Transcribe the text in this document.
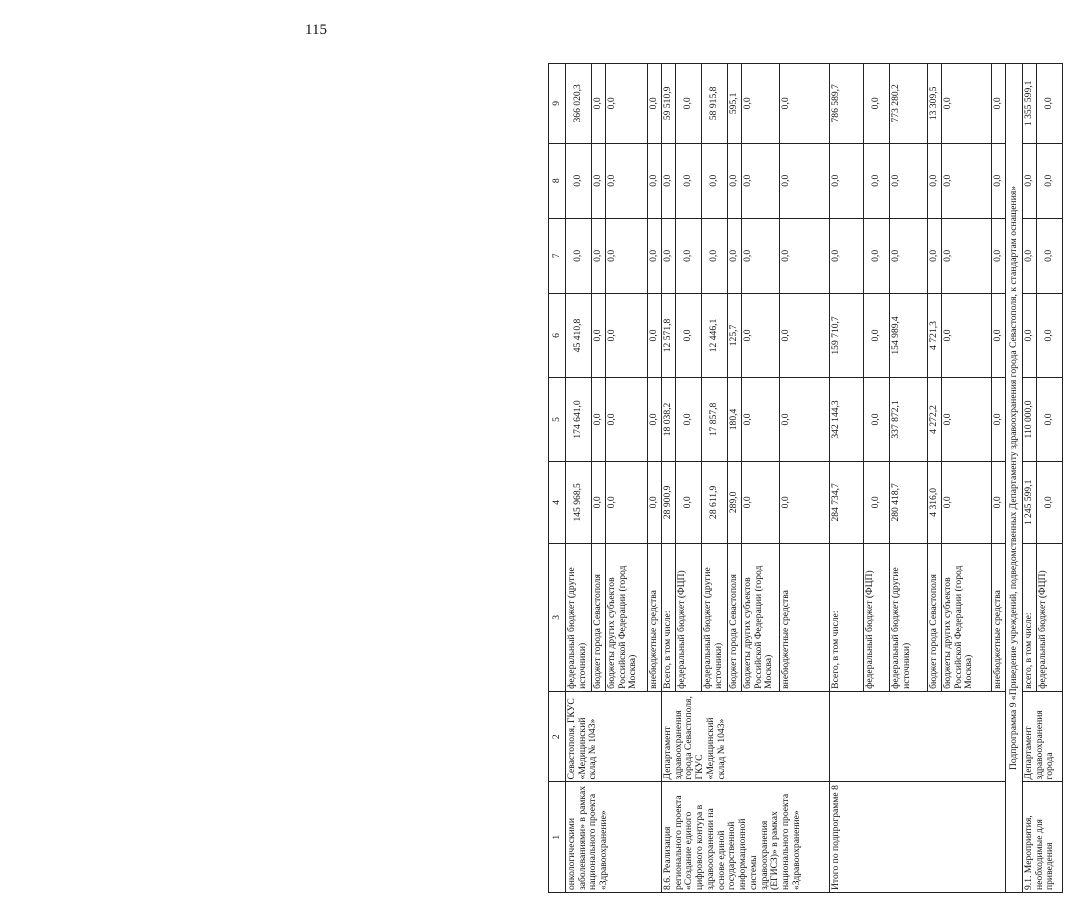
115
1	2	3	4	5	6	7	8	9
онкологическими заболеваниями» в рамках национального проекта «Здравоохранение»	Севастополя, ГКУС «Медицинский склад № 1043»	федеральный бюджет (другие источники)	145 968,5	174 641,0	45 410,8	0,0	0,0	366 020,3
		бюджет города Севастополя	0,0	0,0	0,0	0,0	0,0	0,0
		бюджеты других субъектов Российской Федерации (город Москва)	0,0	0,0	0,0	0,0	0,0	0,0
		внебюджетные средства	0,0	0,0	0,0	0,0	0,0	0,0
8.6. Реализация регионального проекта «Создание единого цифрового контура в здравоохранении на основе единой государственной информационной системы здравоохранения (ЕГИСЗ)» в рамках национального проекта «Здравоохранение»	Департамент здравоохранения города Севастополя, ГКУС «Медицинский склад № 1043»	Всего, в том числе:	28 900,9	18 038,2	12 571,8	0,0	0,0	59 510,9
		федеральный бюджет (ФЦП)	0,0	0,0	0,0	0,0	0,0	0,0
		федеральный бюджет (другие источники)	28 611,9	17 857,8	12 446,1	0,0	0,0	58 915,8
		бюджет города Севастополя	289,0	180,4	125,7	0,0	0,0	595,1
		бюджеты других субъектов Российской Федерации (город Москва)	0,0	0,0	0,0	0,0	0,0	0,0
		внебюджетные средства	0,0	0,0	0,0	0,0	0,0	0,0
Итого по подпрограмме 8		Всего, в том числе:	284 734,7	342 144,3	159 710,7	0,0	0,0	786 589,7
		федеральный бюджет (ФЦП)	0,0	0,0	0,0	0,0	0,0	0,0
		федеральный бюджет (другие источники)	280 418,7	337 872,1	154 989,4	0,0	0,0	773 280,2
		бюджет города Севастополя	4 316,0	4 272,2	4 721,3	0,0	0,0	13 309,5
		бюджеты других субъектов Российской Федерации (город Москва)	0,0	0,0	0,0	0,0	0,0	0,0
		внебюджетные средства	0,0	0,0	0,0	0,0	0,0	0,0
Подпрограмма 9 «Приведение учреждений, подведомственных Департаменту здравоохранения города Севастополя, к стандартам оснащения»								
9.1. Мероприятия, необходимые для приведения	Департамент здравоохранения города	всего, в том числе:	1 245 599,1	110 000,0	0,0	0,0	0,0	1 355 599,1
		федеральный бюджет (ФЦП)	0,0	0,0	0,0	0,0	0,0	0,0
